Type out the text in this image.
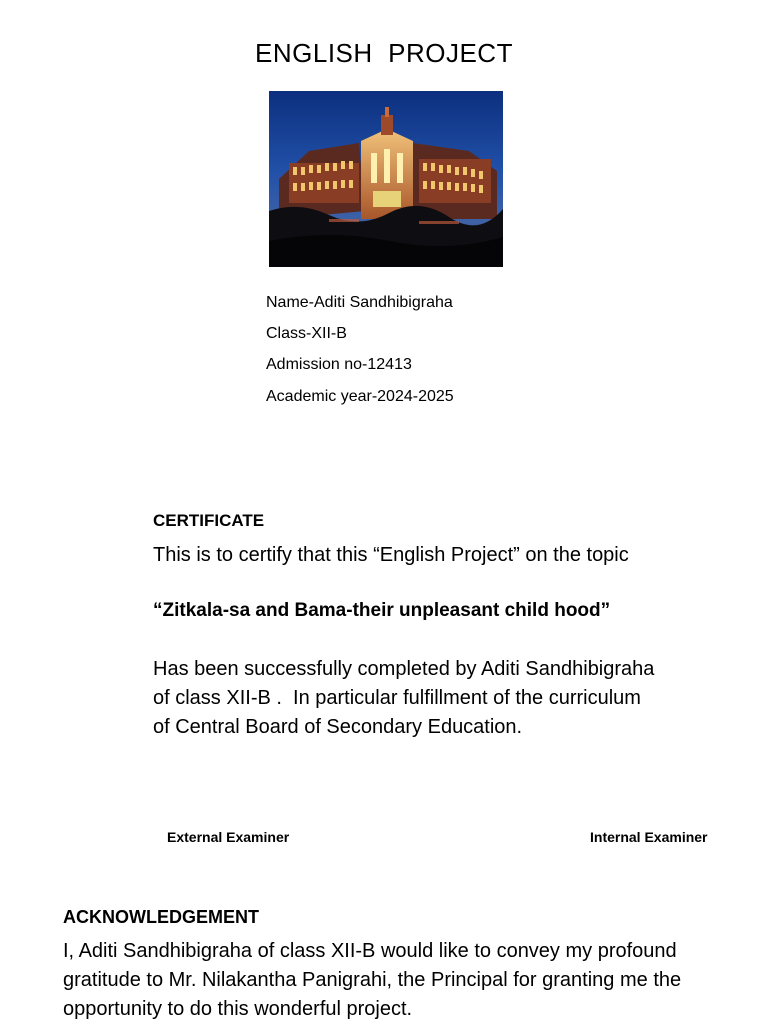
ENGLISH  PROJECT
Name-Aditi Sandhibigraha
Class-XII-B
Admission no-12413
Academic year-2024-2025
CERTIFICATE
This is to certify that this “English Project” on the topic
“Zitkala-sa and Bama-their unpleasant child hood”
Has been successfully completed by Aditi Sandhibigraha
of class XII-B .  In particular fulfillment of the curriculum
of Central Board of Secondary Education.
External Examiner	Internal Examiner
ACKNOWLEDGEMENT
I, Aditi Sandhibigraha of class XII-B would like to convey my profound
gratitude to Mr. Nilakantha Panigrahi, the Principal for granting me the
opportunity to do this wonderful project.
